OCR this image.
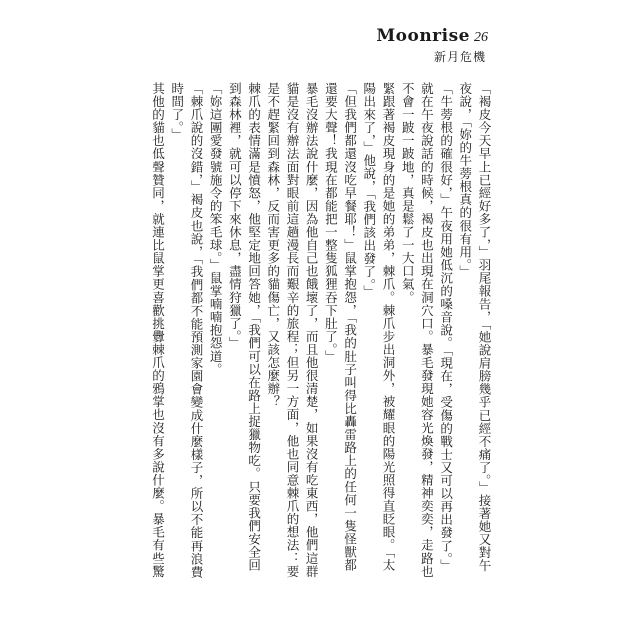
Moonrise 26
新月危機

「褐皮今天早上已經好多了，」羽尾報告，「她說肩膀幾乎已經不痛了。」接著她又對午夜說，「妳的牛蒡根真的很有用。」

「牛蒡根的確很好，」午夜用她低沉的嗓音說。「現在，受傷的戰士又可以再出發了。」

就在午夜說話的時候，褐皮也出現在洞穴口。暴毛發現她容光煥發，精神奕奕，走路也不會一跛一跛地，真是鬆了一大口氣。

緊跟著褐皮現身的是她的弟弟，棘爪。棘爪步出洞外，被耀眼的陽光照得直眨眼。「太陽出來了，」他說，「我們該出發了。」

「但我們都還沒吃早餐耶！」鼠掌抱怨，「我的肚子叫得比轟雷路上的任何一隻怪獸都還要大聲！我現在都能把一整隻狐狸吞下肚了。」

暴毛沒辦法說什麼，因為他自己也餓壞了，而且他很清楚，如果沒有吃東西，他們這群貓是沒有辦法面對眼前這趟漫長而艱辛的旅程；但另一方面，他也同意棘爪的想法：要是不趕緊回到森林，反而害更多的貓傷亡，又該怎麼辦？

棘爪的表情滿是憤怒，他堅定地回答她，「我們可以在路上捉獵物吃。只要我們安全回到森林裡，就可以停下來休息，盡情狩獵了。」

「妳這團愛發號施令的笨毛球。」鼠掌喃喃抱怨道。

「棘爪說的沒錯，」褐皮也說，「我們都不能預測家園會變成什麼樣子，所以不能再浪費時間了。」

其他的貓也低聲贊同，就連比鼠掌更喜歡挑釁棘爪的鴉掌也沒有多說什麼。暴毛有些驚
